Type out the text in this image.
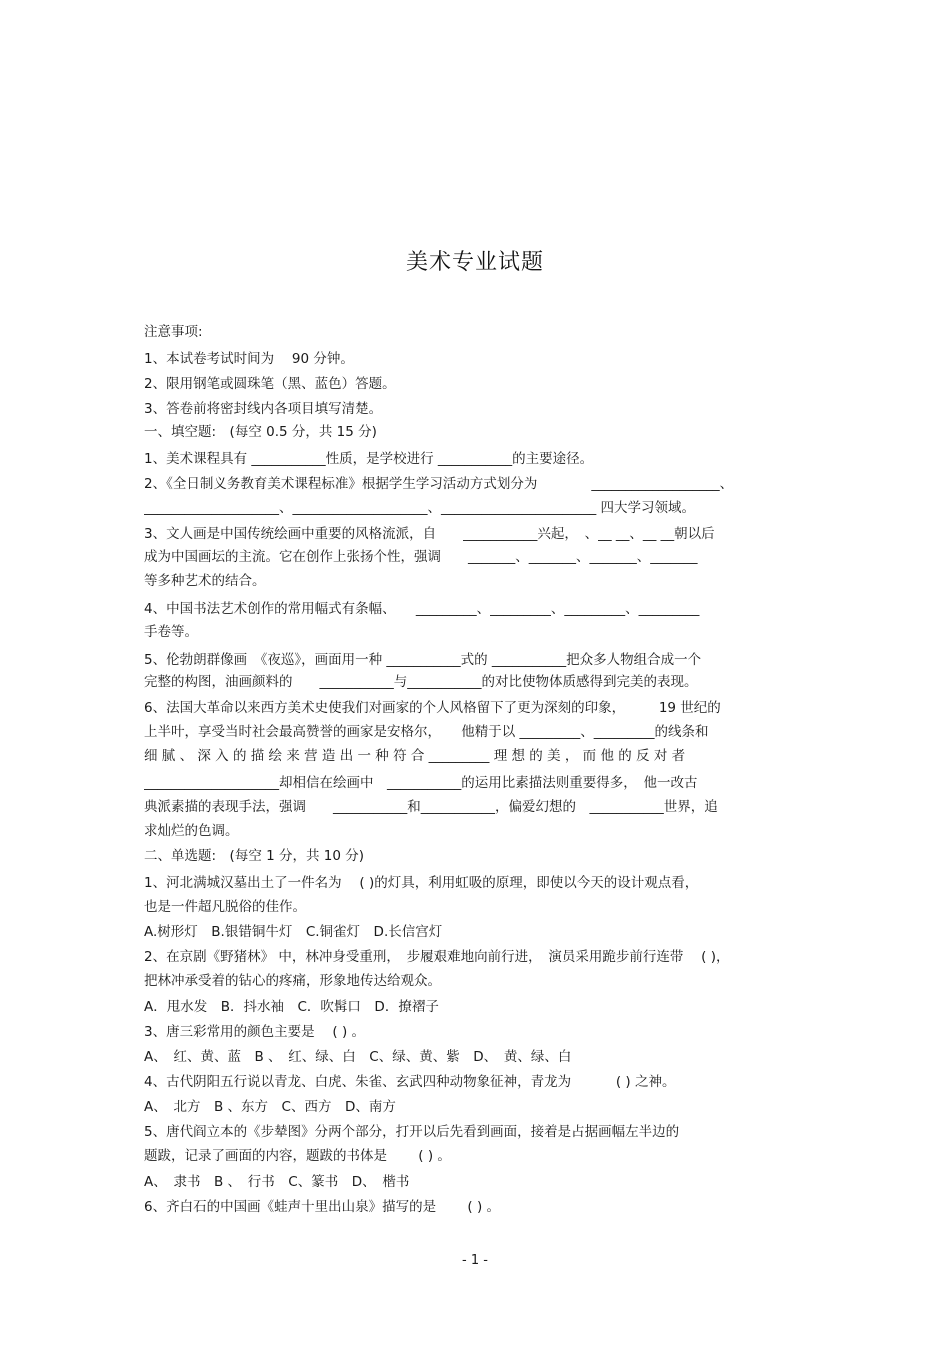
美术专业试题
注意事项:
1、本试卷考试时间为　 90 分钟。
2、限用钢笔或圆珠笔（黑、蓝色）答题。
3、答卷前将密封线内各项目填写清楚。
一、填空题:　(每空 0.5 分，共 15 分)
1、美术课程具有 ___________性质，是学校进行 ___________的主要途径。
2、《全日制义务教育美术课程标准》根据学生学习活动方式划分为　　　　___________________、
____________________、____________________、_______________________ 四大学习领域。
3、文人画是中国传统绘画中重要的风格流派，自　　___________兴起，　、__ __、__ __朝以后
成为中国画坛的主流。它在创作上张扬个性，强调　　_______、_______、_______、_______
等多种艺术的结合。
4、中国书法艺术创作的常用幅式有条幅、　　_________、_________、_________、_________
手卷等。
5、伦勃朗群像画　《夜巡》，画面用一种 ___________式的 ___________把众多人物组合成一个
完整的构图，油画颜料的　　___________与___________的对比使物体质感得到完美的表现。
6、法国大革命以来西方美术史使我们对画家的个人风格留下了更为深刻的印象，　　　19 世纪的
上半叶，享受当时社会最高赞誉的画家是安格尔，　　他精于以 _________、_________的线条和
细 腻 、 深 入 的 描 绘 来 营 造 出 一 种 符 合 _________ 理 想 的 美 ， 而 他 的 反 对 者
____________________却相信在绘画中　___________的运用比素描法则重要得多，　他一改古
典派素描的表现手法，强调　　___________和___________，偏爱幻想的　___________世界，追
求灿烂的色调。
二、单选题:　(每空 1 分，共 10 分)
1、河北满城汉墓出土了一件名为　 ( )的灯具，利用虹吸的原理，即使以今天的设计观点看，
也是一件超凡脱俗的佳作。
A.树形灯　B.银错铜牛灯　C.铜雀灯　D.长信宫灯
2、在京剧《野猪林》 中，林冲身受重刑，　步履艰难地向前行进，　演员采用跪步前行连带　 ( )，
把林冲承受着的钻心的疼痛，形象地传达给观众。
A．甩水发　B．抖水袖　C．吹髯口　D．撩褶子
3、唐三彩常用的颜色主要是　 ( ) 。
A、　红、黄、蓝　B 、　红、绿、白　C、绿、黄、紫　D、　黄、绿、白
4、古代阴阳五行说以青龙、白虎、朱雀、玄武四种动物象征神，青龙为　　　 ( ) 之神。
A、　北方　B 、东方　C、西方　D、南方
5、唐代阎立本的《步辇图》分两个部分，打开以后先看到画面，接着是占据画幅左半边的
题跋，记录了画面的内容，题跋的书体是　　 ( ) 。
A、　隶书　B 、　行书　C、篆书　D、　楷书
6、齐白石的中国画《蛙声十里出山泉》描写的是　　 ( ) 。
- 1 -
